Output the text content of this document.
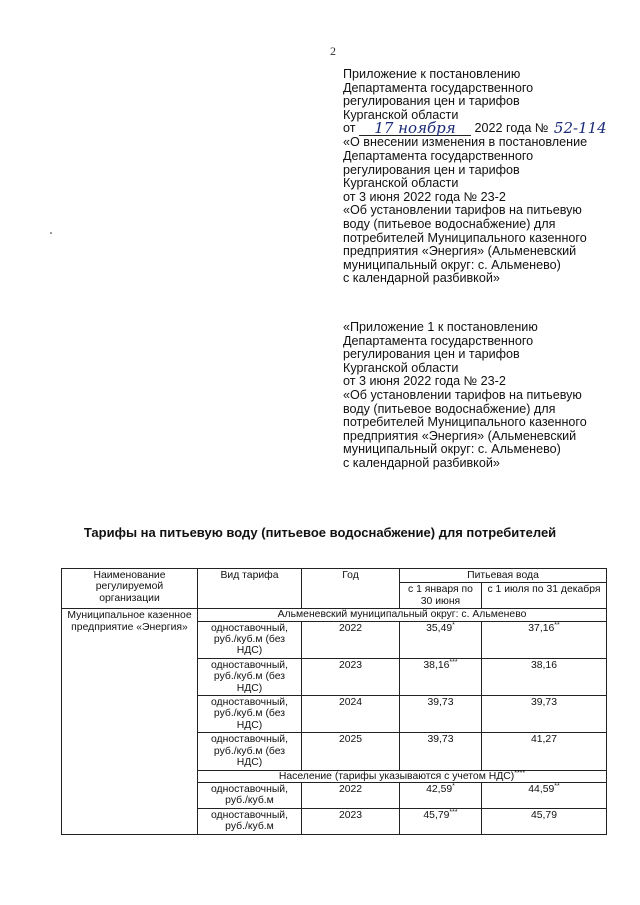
2
Приложение к постановлению
Департамента государственного
регулирования цен и тарифов
Курганской области
от 17 ноября 2022 года № 52-114
«О внесении изменения в постановление
Департамента государственного
регулирования цен и тарифов
Курганской области
от 3 июня 2022 года № 23-2
«Об установлении тарифов на питьевую
воду (питьевое водоснабжение) для
потребителей Муниципального казенного
предприятия «Энергия» (Альменевский
муниципальный округ: с. Альменево)
с календарной разбивкой»
«Приложение 1 к постановлению
Департамента государственного
регулирования цен и тарифов
Курганской области
от 3 июня 2022 года № 23-2
«Об установлении тарифов на питьевую
воду (питьевое водоснабжение) для
потребителей Муниципального казенного
предприятия «Энергия» (Альменевский
муниципальный округ: с. Альменево)
с календарной разбивкой»
Тарифы на питьевую воду (питьевое водоснабжение) для потребителей
Наименование регулируемой организации	Вид тарифа	Год	Питьевая вода	
			с 1 января по 30 июня	с 1 июля по 31 декабря
Муниципальное казенное предприятие «Энергия»	Альменевский муниципальный округ: с. Альменево			
	одноставочный, руб./куб.м (без НДС)	2022	35,49*	37,16**
	одноставочный, руб./куб.м (без НДС)	2023	38,16***	38,16
	одноставочный, руб./куб.м (без НДС)	2024	39,73	39,73
	одноставочный, руб./куб.м (без НДС)	2025	39,73	41,27
	Население (тарифы указываются с учетом НДС)****
	одноставочный, руб./куб.м	2022	42,59*	44,59**
	одноставочный, руб./куб.м	2023	45,79***	45,79
